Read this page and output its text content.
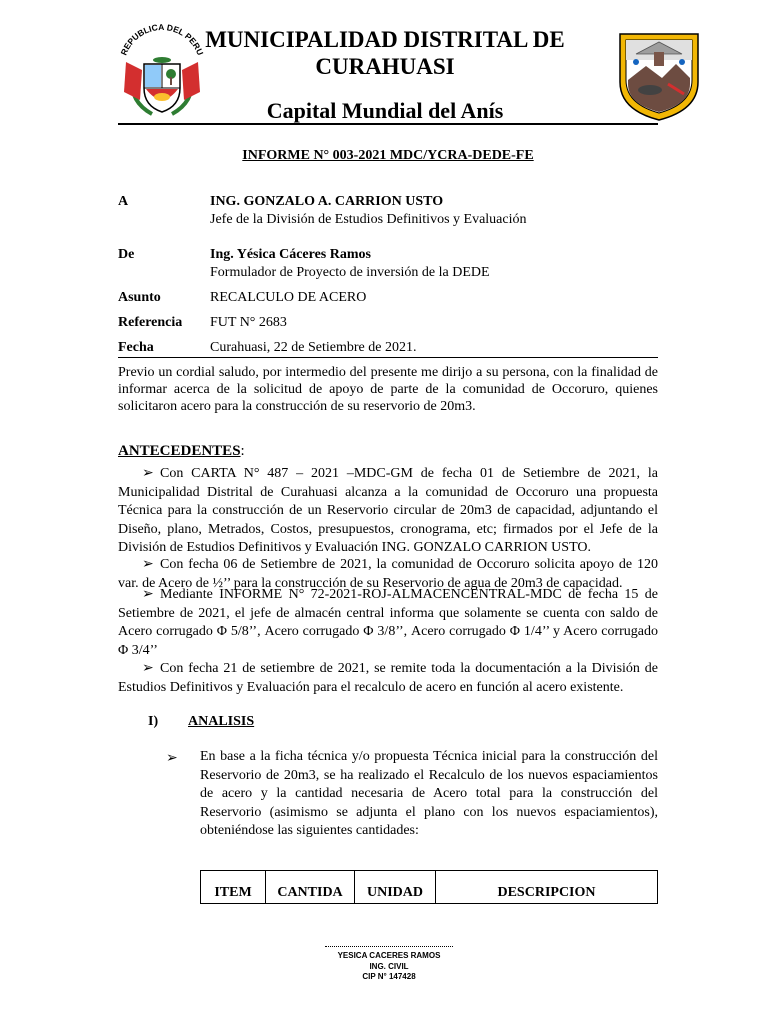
REPUBLICA DEL PERU MUNICIPALIDAD DISTRITAL DE CURAHUASI
Capital Mundial del Anís
INFORME N° 003-2021 MDC/YCRA-DEDE-FE
A	ING. GONZALO A. CARRION USTO
Jefe de la División de Estudios Definitivos y Evaluación
De	Ing. Yésica Cáceres Ramos
Formulador de Proyecto de inversión de la DEDE
Asunto	RECALCULO DE ACERO
Referencia FUT N° 2683
Fecha	Curahuasi, 22 de Setiembre de 2021.
Previo un cordial saludo, por intermedio del presente me dirijo a su persona, con la finalidad de informar acerca de la solicitud de apoyo de parte de la comunidad de Occoruro, quienes solicitaron acero para la construcción de su reservorio de 20m3.
ANTECEDENTES:
➢ Con CARTA N° 487 – 2021 –MDC-GM de fecha 01 de Setiembre de 2021, la Municipalidad Distrital de Curahuasi alcanza a la comunidad de Occoruro una propuesta Técnica para la construcción de un Reservorio circular de 20m3 de capacidad, adjuntando el Diseño, plano, Metrados, Costos, presupuestos, cronograma, etc; firmados por el Jefe de la División de Estudios Definitivos y Evaluación ING. GONZALO CARRION USTO.
➢ Con fecha 06 de Setiembre de 2021, la comunidad de Occoruro solicita apoyo de 120 var. de Acero de ½’’ para la construcción de su Reservorio de agua de 20m3 de capacidad.
➢ Mediante INFORME N° 72-2021-ROJ-ALMACENCENTRAL-MDC de fecha 15 de Setiembre de 2021, el jefe de almacén central informa que solamente se cuenta con saldo de Acero corrugado Φ 5/8’’, Acero corrugado Φ 3/8’’, Acero corrugado Φ 1/4’’ y Acero corrugado Φ 3/4’’
➢ Con fecha 21 de setiembre de 2021, se remite toda la documentación a la División de Estudios Definitivos y Evaluación para el recalculo de acero en función al acero existente.
I) ANALISIS
➢ En base a la ficha técnica y/o propuesta Técnica inicial para la construcción del Reservorio de 20m3, se ha realizado el Recalculo de los nuevos espaciamientos de acero y la cantidad necesaria de Acero total para la construcción del Reservorio (asimismo se adjunta el plano con los nuevos espaciamientos), obteniéndose las siguientes cantidades:
ITEM	CANTIDA	UNIDAD	DESCRIPCION
YESICA CACERES RAMOS
ING. CIVIL
CIP N° 147428
